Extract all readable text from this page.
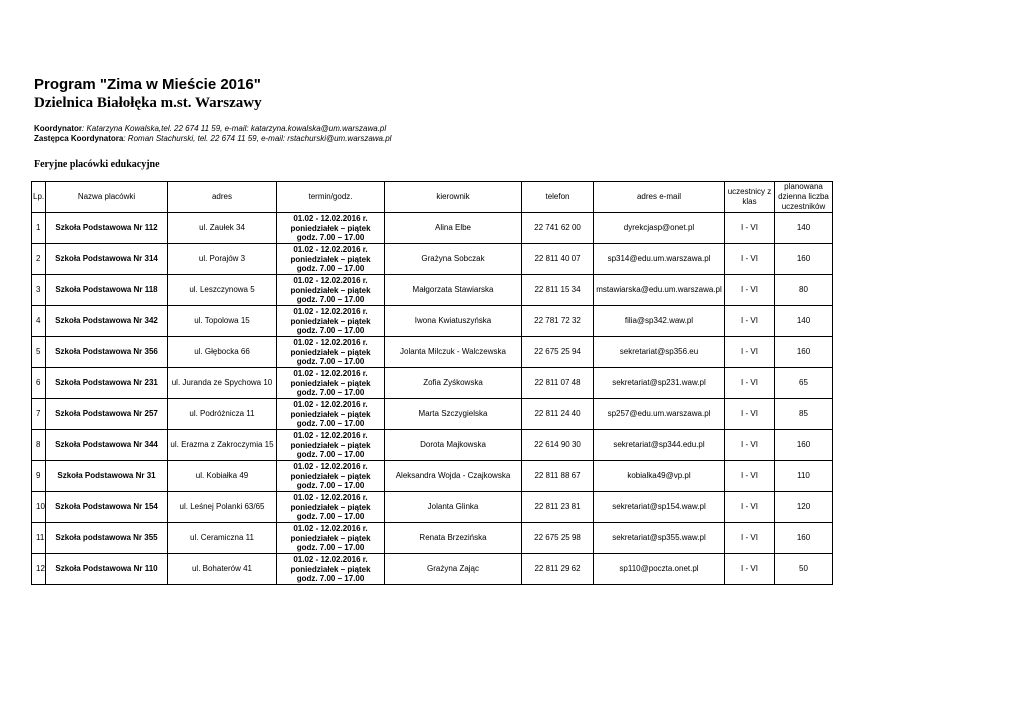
Program "Zima w Mieście 2016"
Dzielnica Białołęka m.st. Warszawy
Koordynator: Katarzyna Kowalska,tel. 22 674 11 59, e-mail: katarzyna.kowalska@um.warszawa.pl
Zastępca Koordynatora: Roman Stachurski, tel. 22 674 11 59, e-mail: rstachurski@um.warszawa.pl
Feryjne placówki edukacyjne
Lp.	Nazwa placówki	adres	termin/godz.	kierownik	telefon	adres e-mail	uczestnicy z klas	planowana dzienna liczba uczestników
1	Szkoła Podstawowa Nr 112	ul. Zaułek 34	01.02 - 12.02.2016 r.
poniedziałek – piątek
godz. 7.00 – 17.00	Alina Elbe	22 741 62 00	dyrekcjasp@onet.pl	I - VI	140
2	Szkoła Podstawowa Nr 314	ul. Porajów 3	01.02 - 12.02.2016 r.
poniedziałek – piątek
godz. 7.00 – 17.00	Grażyna Sobczak	22 811 40 07	sp314@edu.um.warszawa.pl	I - VI	160
3	Szkoła Podstawowa Nr 118	ul. Leszczynowa 5	01.02 - 12.02.2016 r.
poniedziałek – piątek
godz. 7.00 – 17.00	Małgorzata Stawiarska	22 811 15 34	mstawiarska@edu.um.warszawa.pl	I - VI	80
4	Szkoła Podstawowa Nr 342	ul. Topolowa 15	01.02 - 12.02.2016 r.
poniedziałek – piątek
godz. 7.00 – 17.00	Iwona Kwiatuszyńska	22 781 72 32	filia@sp342.waw.pl	I - VI	140
5	Szkoła Podstawowa Nr 356	ul. Głębocka 66	01.02 - 12.02.2016 r.
poniedziałek – piątek
godz. 7.00 – 17.00	Jolanta Milczuk - Walczewska	22 675 25 94	sekretariat@sp356.eu	I - VI	160
6	Szkoła Podstawowa Nr 231	ul. Juranda ze Spychowa 10	01.02 - 12.02.2016 r.
poniedziałek – piątek
godz. 7.00 – 17.00	Zofia Zyśkowska	22 811 07 48	sekretariat@sp231.waw.pl	I - VI	65
7	Szkoła Podstawowa Nr 257	ul. Podróżnicza 11	01.02 - 12.02.2016 r.
poniedziałek – piątek
godz. 7.00 – 17.00	Marta Szczygielska	22 811 24 40	sp257@edu.um.warszawa.pl	I - VI	85
8	Szkoła Podstawowa Nr 344	ul. Erazma z Zakroczymia 15	01.02 - 12.02.2016 r.
poniedziałek – piątek
godz. 7.00 – 17.00	Dorota Majkowska	22 614 90 30	sekretariat@sp344.edu.pl	I - VI	160
9	Szkoła Podstawowa Nr 31	ul. Kobiałka 49	01.02 - 12.02.2016 r.
poniedziałek – piątek
godz. 7.00 – 17.00	Aleksandra Wojda - Czajkowska	22 811 88 67	kobialka49@vp.pl	I - VI	110
10	Szkoła Podstawowa Nr 154	ul. Leśnej Polanki 63/65	01.02 - 12.02.2016 r.
poniedziałek – piątek
godz. 7.00 – 17.00	Jolanta Glinka	22 811 23 81	sekretariat@sp154.waw.pl	I - VI	120
11	Szkoła podstawowa Nr 355	ul. Ceramiczna 11	01.02 - 12.02.2016 r.
poniedziałek – piątek
godz. 7.00 – 17.00	Renata Brzezińska	22 675 25 98	sekretariat@sp355.waw.pl	I - VI	160
12	Szkoła Podstawowa Nr 110	ul. Bohaterów 41	01.02 - 12.02.2016 r.
poniedziałek – piątek
godz. 7.00 – 17.00	Grażyna Zając	22 811 29 62	sp110@poczta.onet.pl	I - VI	50
